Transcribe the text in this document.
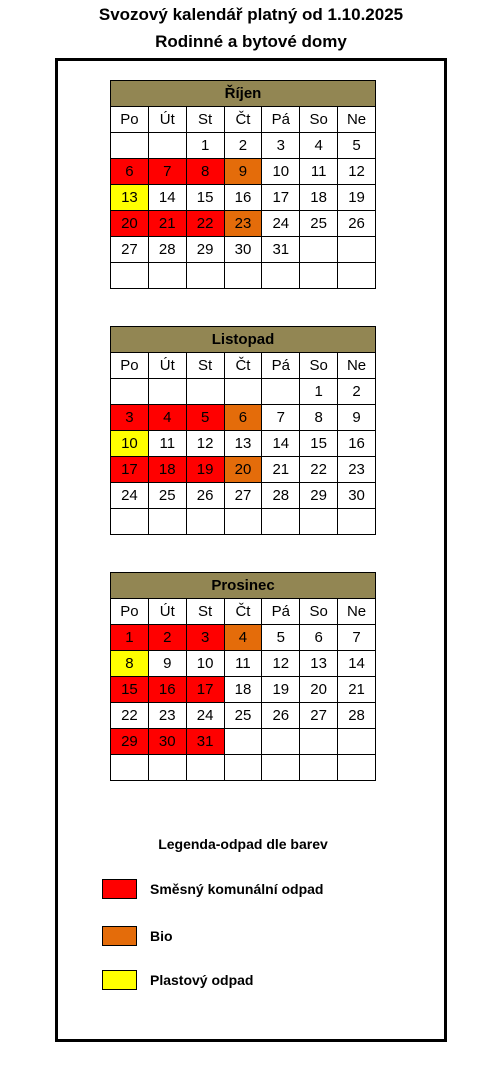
Svozový kalendář platný od 1.10.2025
Rodinné a bytové domy
Říjen						
Po	Út	St	Čt	Pá	So	Ne
		1	2	3	4	5
6	7	8	9	10	11	12
13	14	15	16	17	18	19
20	21	22	23	24	25	26
27	28	29	30	31		

Listopad						
Po	Út	St	Čt	Pá	So	Ne
					1	2
3	4	5	6	7	8	9
10	11	12	13	14	15	16
17	18	19	20	21	22	23
24	25	26	27	28	29	30

Prosinec						
Po	Út	St	Čt	Pá	So	Ne
1	2	3	4	5	6	7
8	9	10	11	12	13	14
15	16	17	18	19	20	21
22	23	24	25	26	27	28
29	30	31				

Legenda-odpad dle barev
Směsný komunální odpad
Bio
Plastový odpad
